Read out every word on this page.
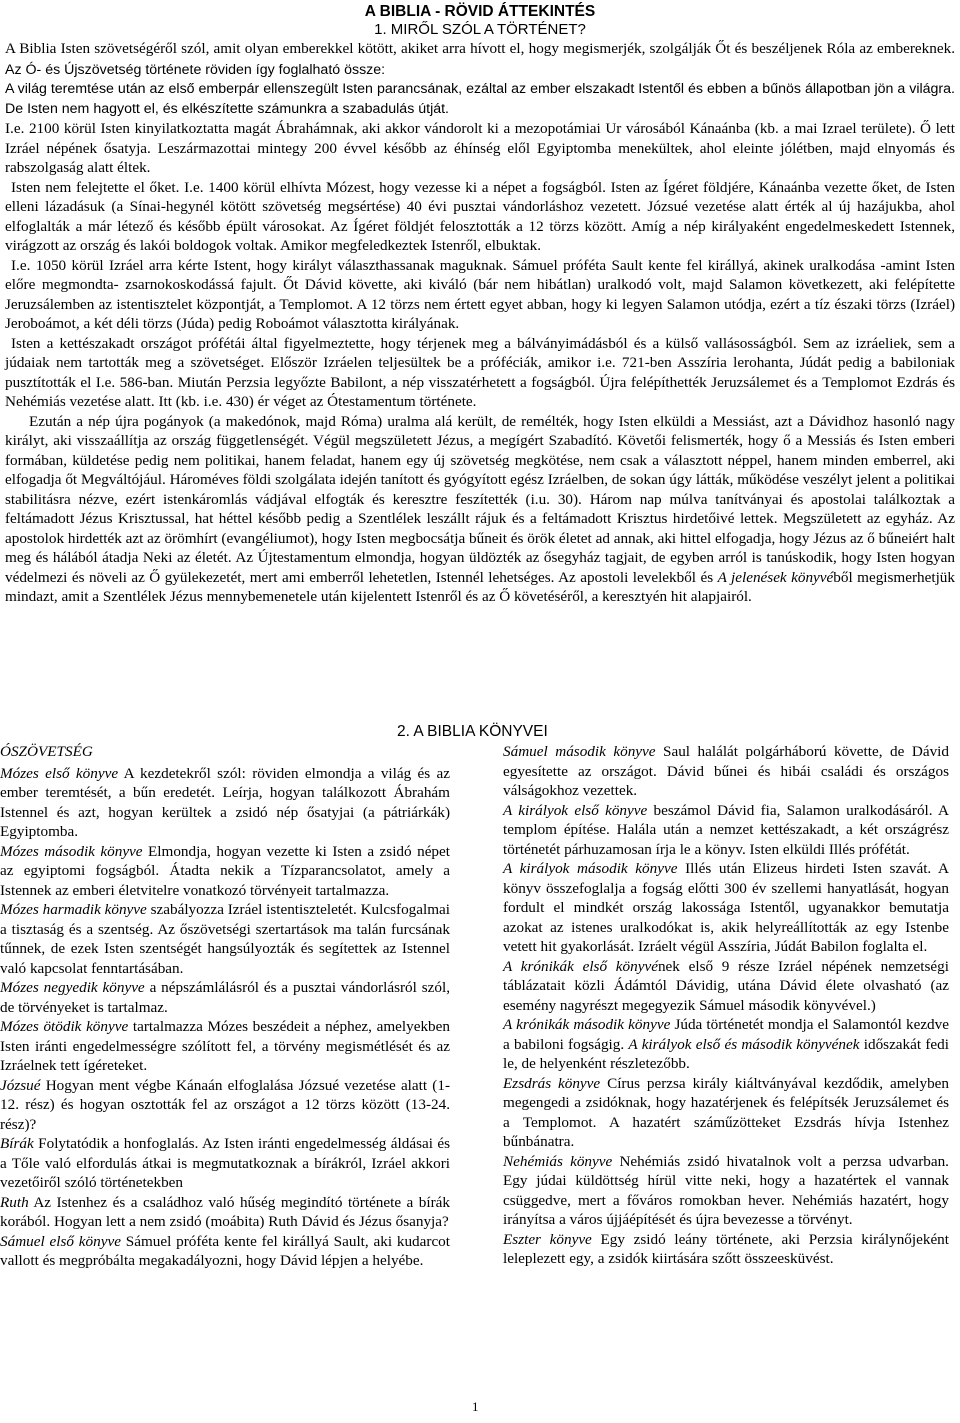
A BIBLIA - RÖVID ÁTTEKINTÉS
1. MIRŐL SZÓL A TÖRTÉNET?

A Biblia Isten szövetségéről szól, amit olyan emberekkel kötött, akiket arra hívott el, hogy megismerjék, szolgálják Őt és beszéljenek Róla az embereknek. Az Ó- és Újszövetség története röviden így foglalható össze:

A világ teremtése után az első emberpár ellenszegült Isten parancsának, ezáltal az ember elszakadt Istentől és ebben a bűnös állapotban jön a világra. De Isten nem hagyott el, és elkészítette számunkra a szabadulás útját.

I.e. 2100 körül Isten kinyilatkoztatta magát Ábrahámnak, aki akkor vándorolt ki a mezopotámiai Ur városából Kánaánba (kb. a mai Izrael területe). Ő lett Izráel népének ősatyja. Leszármazottai mintegy 200 évvel később az éhínség elől Egyiptomba menekültek, ahol eleinte jólétben, majd elnyomás és rabszolgaság alatt éltek.

Isten nem felejtette el őket. I.e. 1400 körül elhívta Mózest, hogy vezesse ki a népet a fogságból. Isten az Ígéret földjére, Kánaánba vezette őket, de Isten elleni lázadásuk (a Sínai-hegynél kötött szövetség megsértése) 40 évi pusztai vándorláshoz vezetett. Józsué vezetése alatt érték al új hazájukba, ahol elfoglalták a már létező és később épült városokat. Az Ígéret földjét felosztották a 12 törzs között. Amíg a nép királyaként engedelmeskedett Istennek, virágzott az ország és lakói boldogok voltak. Amikor megfeledkeztek Istenről, elbuktak.

I.e. 1050 körül Izráel arra kérte Istent, hogy királyt választhassanak maguknak. Sámuel próféta Sault kente fel királlyá, akinek uralkodása -amint Isten előre megmondta- zsarnokoskodássá fajult. Őt Dávid követte, aki kiváló (bár nem hibátlan) uralkodó volt, majd Salamon következett, aki felépítette Jeruzsálemben az istentisztelet központját, a Templomot. A 12 törzs nem értett egyet abban, hogy ki legyen Salamon utódja, ezért a tíz északi törzs (Izráel) Jeroboámot, a két déli törzs (Júda) pedig Roboámot választotta királyának.

Isten a kettészakadt országot prófétái által figyelmeztette, hogy térjenek meg a bálványimádásból és a külső vallásosságból. Sem az izráeliek, sem a júdaiak nem tartották meg a szövetséget. Először Izráelen teljesültek be a próféciák, amikor i.e. 721-ben Asszíria lerohanta, Júdát pedig a babiloniak pusztították el I.e. 586-ban. Miután Perzsia legyőzte Babilont, a nép visszatérhetett a fogságból. Újra felépíthették Jeruzsálemet és a Templomot Ezdrás és Nehémiás vezetése alatt. Itt (kb. i.e. 430) ér véget az Ótestamentum története.

Ezután a nép újra pogányok (a makedónok, majd Róma) uralma alá került, de remélték, hogy Isten elküldi a Messiást, azt a Dávidhoz hasonló nagy királyt, aki visszaállítja az ország függetlenségét. Végül megszületett Jézus, a megígért Szabadító. Követői felismerték, hogy ő a Messiás és Isten emberi formában, küldetése pedig nem politikai, hanem feladat, hanem egy új szövetség megkötése, nem csak a választott néppel, hanem minden emberrel, aki elfogadja őt Megváltójául. Hároméves földi szolgálata idején tanított és gyógyított egész Izráelben, de sokan úgy látták, működése veszélyt jelent a politikai stabilitásra nézve, ezért istenkáromlás vádjával elfogták és keresztre feszítették (i.u. 30). Három nap múlva tanítványai és apostolai találkoztak a feltámadott Jézus Krisztussal, hat héttel később pedig a Szentlélek leszállt rájuk és a feltámadott Krisztus hirdetőivé lettek. Megszületett az egyház. Az apostolok hirdették azt az örömhírt (evangéliumot), hogy Isten megbocsátja bűneit és örök életet ad annak, aki hittel elfogadja, hogy Jézus az ő bűneiért halt meg és hálából átadja Neki az életét. Az Újtestamentum elmondja, hogyan üldözték az ősegyház tagjait, de egyben arról is tanúskodik, hogy Isten hogyan védelmezi és növeli az Ő gyülekezetét, mert ami emberről lehetetlen, Istennél lehetséges. Az apostoli levelekből és A jelenések könyvéből megismerhetjük mindazt, amit a Szentlélek Jézus mennybemenetele után kijelentett Istenről és az Ő követéséről, a keresztyén hit alapjairól.

2. A BIBLIA KÖNYVEI

ÓSZÖVETSÉG

Mózes első könyve A kezdetekről szól: röviden elmondja a világ és az ember teremtését, a bűn eredetét. Leírja, hogyan találkozott Ábrahám Istennel és azt, hogyan kerültek a zsidó nép ősatyjai (a pátriárkák) Egyiptomba.

Mózes második könyve Elmondja, hogyan vezette ki Isten a zsidó népet az egyiptomi fogságból. Átadta nekik a Tízparancsolatot, amely a Istennek az emberi életvitelre vonatkozó törvényeit tartalmazza.

Mózes harmadik könyve szabályozza Izráel istentiszteletét. Kulcsfogalmai a tisztaság és a szentség. Az őszövetségi szertartások ma talán furcsának tűnnek, de ezek Isten szentségét hangsúlyozták és segítettek az Istennel való kapcsolat fenntartásában.

Mózes negyedik könyve a népszámlálásról és a pusztai vándorlásról szól, de törvényeket is tartalmaz.

Mózes ötödik könyve tartalmazza Mózes beszédeit a néphez, amelyekben Isten iránti engedelmességre szólított fel, a törvény megismétlését és az Izráelnek tett ígéreteket.

Józsué Hogyan ment végbe Kánaán elfoglalása Józsué vezetése alatt (1-12. rész) és hogyan osztották fel az országot a 12 törzs között (13-24. rész)?

Bírák Folytatódik a honfoglalás. Az Isten iránti engedelmesség áldásai és a Tőle való elfordulás átkai is megmutatkoznak a bírákról, Izráel akkori vezetőiről szóló történetekben

Ruth Az Istenhez és a családhoz való hűség megindító története a bírák korából. Hogyan lett a nem zsidó (moábita) Ruth Dávid és Jézus ősanyja?

Sámuel első könyve Sámuel próféta kente fel királlyá Sault, aki kudarcot vallott és megpróbálta megakadályozni, hogy Dávid lépjen a helyébe.

Sámuel második könyve Saul halálát polgárháború követte, de Dávid egyesítette az országot. Dávid bűnei és hibái családi és országos válságokhoz vezettek.

A királyok első könyve beszámol Dávid fia, Salamon uralkodásáról. A templom építése. Halála után a nemzet kettészakadt, a két országrész történetét párhuzamosan írja le a könyv. Isten elküldi Illés prófétát.

A királyok második könyve Illés után Elizeus hirdeti Isten szavát. A könyv összefoglalja a fogság előtti 300 év szellemi hanyatlását, hogyan fordult el mindkét ország lakossága Istentől, ugyanakkor bemutatja azokat az istenes uralkodókat is, akik helyreállították az egy Istenbe vetett hit gyakorlását. Izráelt végül Asszíria, Júdát Babilon foglalta el.

A krónikák első könyvének első 9 része Izráel népének nemzetségi táblázatait közli Ádámtól Dávidig, utána Dávid élete olvasható (az esemény nagyrészt megegyezik Sámuel második könyvével.)

A krónikák második könyve Júda történetét mondja el Salamontól kezdve a babiloni fogságig. A királyok első és második könyvének időszakát fedi le, de helyenként részletezőbb.

Ezsdrás könyve Círus perzsa király kiáltványával kezdődik, amelyben megengedi a zsidóknak, hogy hazatérjenek és felépítsék Jeruzsálemet és a Templomot. A hazatért száműzötteket Ezsdrás hívja Istenhez bűnbánatra.

Nehémiás könyve Nehémiás zsidó hivatalnok volt a perzsa udvarban. Egy júdai küldöttség hírül vitte neki, hogy a hazatértek el vannak csüggedve, mert a főváros romokban hever. Nehémiás hazatért, hogy irányítsa a város újjáépítését és újra bevezesse a törvényt.

Eszter könyve Egy zsidó leány története, aki Perzsia királynőjeként leleplezett egy, a zsidók kiirtására szőtt összeesküvést.

1
